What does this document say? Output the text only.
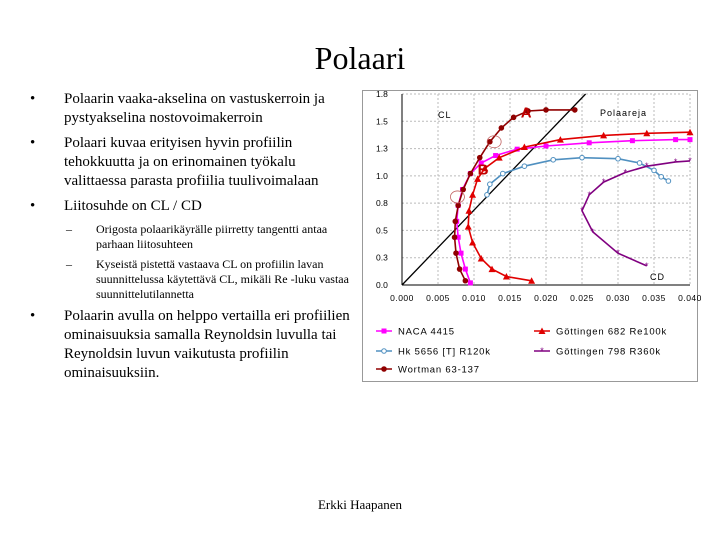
Polaari
• Polaarin vaaka-akselina on vastuskerroin ja pystyakselina nostovoimakerroin
• Polaari kuvaa erityisen hyvin profiilin tehokkuutta ja on erinomainen työkalu valittaessa parasta profiilia tuulivoimalaan
• Liitosuhde on CL / CD
– Origosta polaarikäyrälle piirretty tangentti antaa parhaan liitosuhteen
– Kyseistä pistettä vastaava CL on profiilin lavan suunnittelussa käytettävä CL, mikäli Re -luku vastaa suunnittelutilannetta
• Polaarin avulla on helppo vertailla eri profiilien ominaisuuksia samalla Reynoldsin luvulla tai Reynoldsin luvun vaikutusta profiilin ominaisuuksiin.
0.000 0.005 0.010 0.015 0.020 0.025 0.030 0.035 0.040
0.0
0.3
0.5
0.8
1.0
1.3
1.5
1.8
CL
CD
Polaareja
*
*
*
*
*
*
*
*	* *
A
B
NACA 4415	Göttingen 682 Re100k
Hk 5656 [T] R120k	* Göttingen 798 R360k
Wortman 63-137
Erkki Haapanen
